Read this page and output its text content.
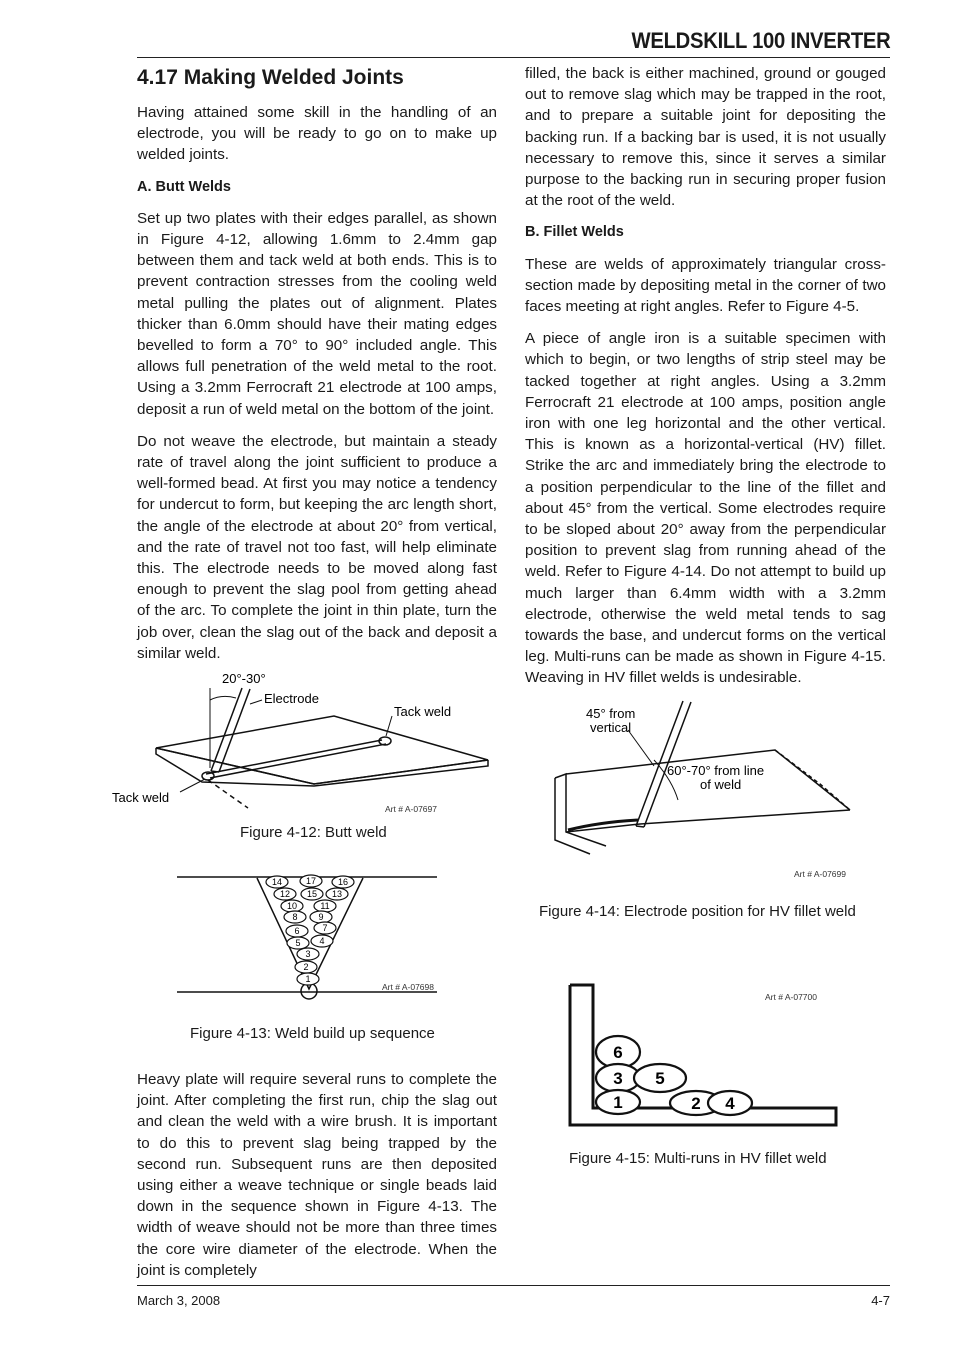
WELDSKILL 100 INVERTER
4.17 Making Welded Joints

Having attained some skill in the handling of an electrode, you will be ready to go on to make up welded joints.

A. Butt Welds

Set up two plates with their edges parallel, as shown in Figure 4-12, allowing 1.6mm to 2.4mm gap between them and tack weld at both ends. This is to prevent contraction stresses from the cooling weld metal pulling the plates out of alignment. Plates thicker than 6.0mm should have their mating edges bevelled to form a 70° to 90° included angle. This allows full penetration of the weld metal to the root. Using a 3.2mm Ferrocraft 21 electrode at 100 amps, deposit a run of weld metal on the bottom of the joint.

Do not weave the electrode, but maintain a steady rate of travel along the joint sufficient to produce a well-formed bead. At first you may notice a tendency for undercut to form, but keeping the arc length short, the angle of the electrode at about 20° from vertical, and the rate of travel not too fast, will help eliminate this. The electrode needs to be moved along fast enough to prevent the slag pool from getting ahead of the arc. To complete the joint in thin plate, turn the job over, clean the slag out of the back and deposit a similar weld.

20°-30°
Electrode
Tack weld
Tack weld
Art # A-07697
Figure 4-12: Butt weld
14	17 16
12 15 13
10	11
8 9
7
6
5 4
3
2
1
Art # A-07698
Figure 4-13: Weld build up sequence

Heavy plate will require several runs to complete the joint. After completing the first run, chip the slag out and clean the weld with a wire brush. It is important to do this to prevent slag being trapped by the second run. Subsequent runs are then deposited using either a weave technique or single beads laid down in the sequence shown in Figure 4-13. The width of weave should not be more than three times the core wire diameter of the electrode. When the joint is completely

filled, the back is either machined, ground or gouged out to remove slag which may be trapped in the root, and to prepare a suitable joint for depositing the backing run. If a backing bar is used, it is not usually necessary to remove this, since it serves a similar purpose to the backing run in securing proper fusion at the root of the weld.

B. Fillet Welds

These are welds of approximately triangular cross-section made by depositing metal in the corner of two faces meeting at right angles. Refer to Figure 4-5.

A piece of angle iron is a suitable specimen with which to begin, or two lengths of strip steel may be tacked together at right angles. Using a 3.2mm Ferrocraft 21 electrode at 100 amps, position angle iron with one leg horizontal and the other vertical. This is known as a horizontal-vertical (HV) fillet. Strike the arc and immediately bring the electrode to a position perpendicular to the line of the fillet and about 45° from the vertical. Some electrodes require to be sloped about 20° away from the perpendicular position to prevent slag from running ahead of the weld. Refer to Figure 4-14. Do not attempt to build up much larger than 6.4mm width with a 3.2mm electrode, otherwise the weld metal tends to sag towards the base, and undercut forms on the vertical leg. Multi-runs can be made as shown in Figure 4-15. Weaving in HV fillet welds is undesirable.

45° from
vertical
60°-70° from line
of weld
Art # A-07699
Figure 4-14: Electrode position for HV fillet weld
6
3 5
1	2 4
Art # A-07700
Figure 4-15: Multi-runs in HV fillet weld
March 3, 2008	4-7
